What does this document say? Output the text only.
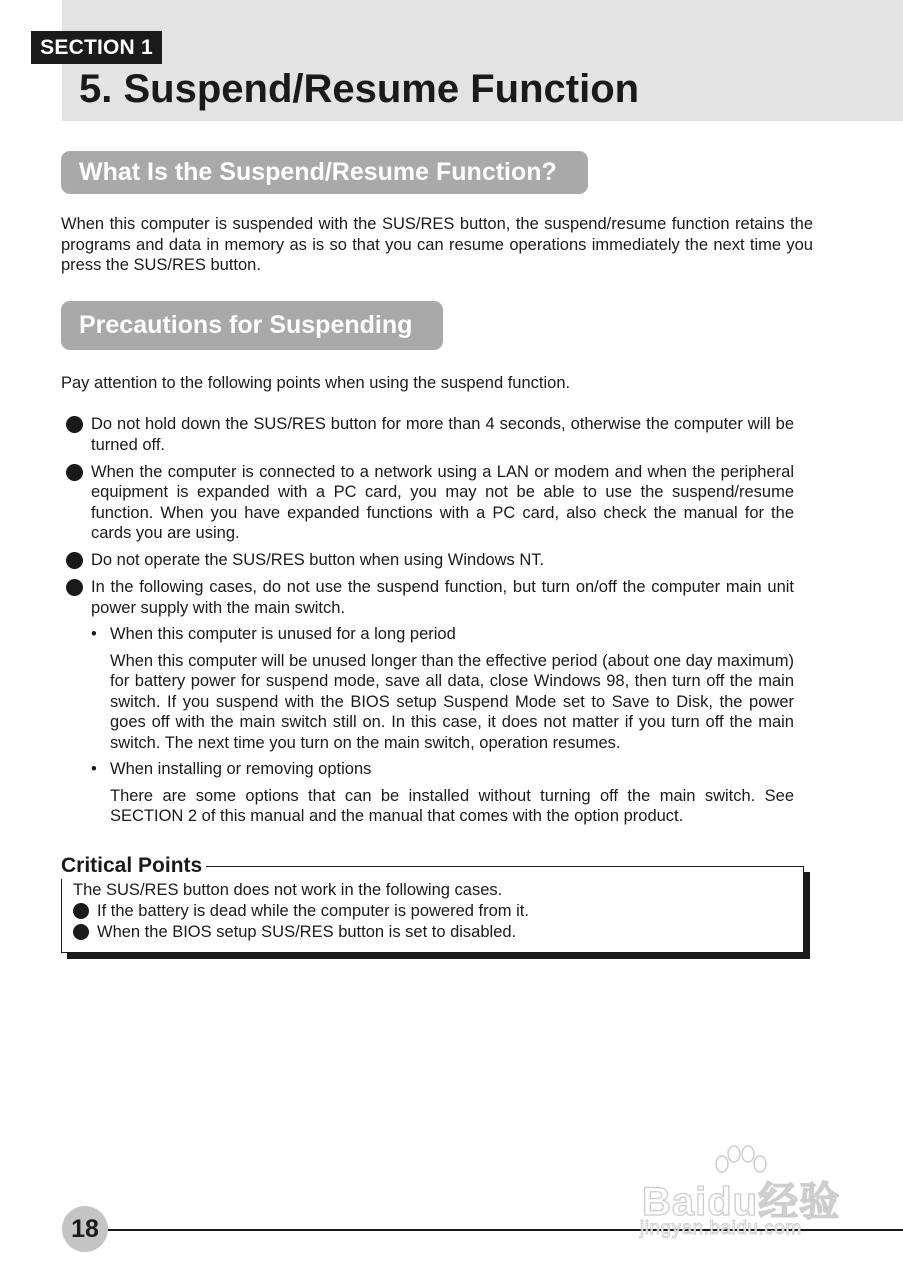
SECTION 1
5. Suspend/Resume Function
What Is the Suspend/Resume Function?

When this computer is suspended with the SUS/RES button, the suspend/resume function retains the programs and data in memory as is so that you can resume operations immediately the next time you press the SUS/RES button.

Precautions for Suspending

Pay attention to the following points when using the suspend function.

Do not hold down the SUS/RES button for more than 4 seconds, otherwise the computer will be turned off.
When the computer is connected to a network using a LAN or modem and when the peripheral equipment is expanded with a PC card, you may not be able to use the suspend/resume function. When you have expanded functions with a PC card, also check the manual for the cards you are using.
Do not operate the SUS/RES button when using Windows NT.
In the following cases, do not use the suspend function, but turn on/off the computer main unit power supply with the main switch.
• When this computer is unused for a long period
When this computer will be unused longer than the effective period (about one day maximum) for battery power for suspend mode, save all data, close Windows 98, then turn off the main switch. If you suspend with the BIOS setup Suspend Mode set to Save to Disk, the power goes off with the main switch still on. In this case, it does not matter if you turn off the main switch. The next time you turn on the main switch, operation resumes.
• When installing or removing options
There are some options that can be installed without turning off the main switch. See SECTION 2 of this manual and the manual that comes with the option product.
Critical Points
The SUS/RES button does not work in the following cases.
If the battery is dead while the computer is powered from it.
When the BIOS setup SUS/RES button is set to disabled.
18
Baidu经验
jingyan.baidu.com
